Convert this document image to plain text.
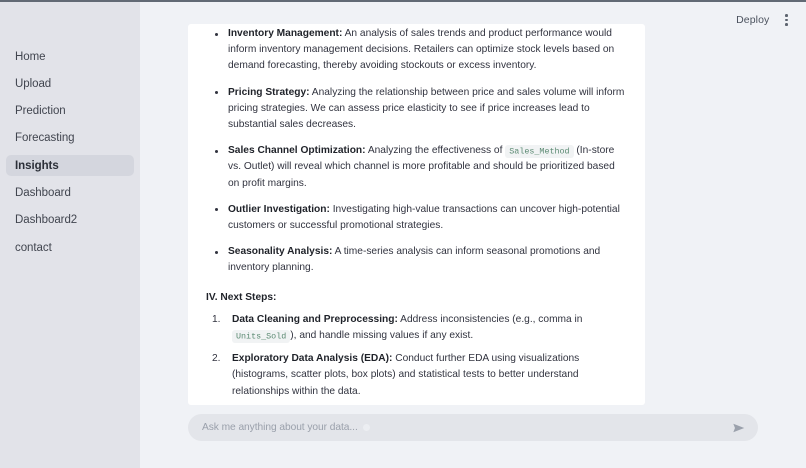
Home
Upload
Prediction
Forecasting
Insights
Dashboard
Dashboard2
contact
Deploy
Inventory Management: An analysis of sales trends and product performance would inform inventory management decisions. Retailers can optimize stock levels based on demand forecasting, thereby avoiding stockouts or excess inventory.
Pricing Strategy: Analyzing the relationship between price and sales volume will inform pricing strategies. We can assess price elasticity to see if price increases lead to substantial sales decreases.
Sales Channel Optimization: Analyzing the effectiveness of Sales_Method (In-store vs. Outlet) will reveal which channel is more profitable and should be prioritized based on profit margins.
Outlier Investigation: Investigating high-value transactions can uncover high-potential customers or successful promotional strategies.
Seasonality Analysis: A time-series analysis can inform seasonal promotions and inventory planning.
IV. Next Steps:
Data Cleaning and Preprocessing: Address inconsistencies (e.g., comma in Units_Sold ), and handle missing values if any exist.
Exploratory Data Analysis (EDA): Conduct further EDA using visualizations (histograms, scatter plots, box plots) and statistical tests to better understand relationships within the data.

Ask me anything about your data...
